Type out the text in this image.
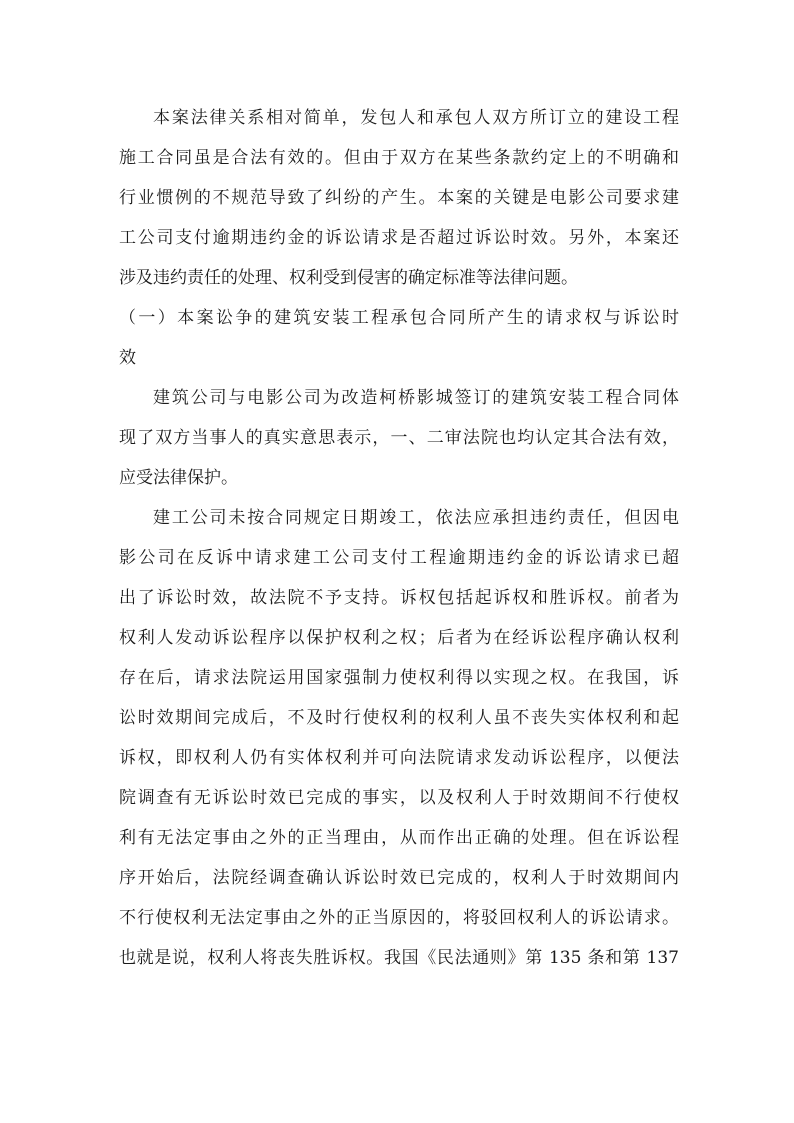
本案法律关系相对简单，发包人和承包人双方所订立的建设工程
施工合同虽是合法有效的。但由于双方在某些条款约定上的不明确和
行业惯例的不规范导致了纠纷的产生。本案的关键是电影公司要求建
工公司支付逾期违约金的诉讼请求是否超过诉讼时效。另外，本案还
涉及违约责任的处理、权利受到侵害的确定标准等法律问题。
（一）本案讼争的建筑安装工程承包合同所产生的请求权与诉讼时
效
建筑公司与电影公司为改造柯桥影城签订的建筑安装工程合同体
现了双方当事人的真实意思表示，一、二审法院也均认定其合法有效，
应受法律保护。
建工公司未按合同规定日期竣工，依法应承担违约责任，但因电
影公司在反诉中请求建工公司支付工程逾期违约金的诉讼请求已超
出了诉讼时效，故法院不予支持。诉权包括起诉权和胜诉权。前者为
权利人发动诉讼程序以保护权利之权；后者为在经诉讼程序确认权利
存在后，请求法院运用国家强制力使权利得以实现之权。在我国，诉
讼时效期间完成后，不及时行使权利的权利人虽不丧失实体权利和起
诉权，即权利人仍有实体权利并可向法院请求发动诉讼程序，以便法
院调查有无诉讼时效已完成的事实，以及权利人于时效期间不行使权
利有无法定事由之外的正当理由，从而作出正确的处理。但在诉讼程
序开始后，法院经调查确认诉讼时效已完成的，权利人于时效期间内
不行使权利无法定事由之外的正当原因的，将驳回权利人的诉讼请求。
也就是说，权利人将丧失胜诉权。我国《民法通则》第 135 条和第 137
